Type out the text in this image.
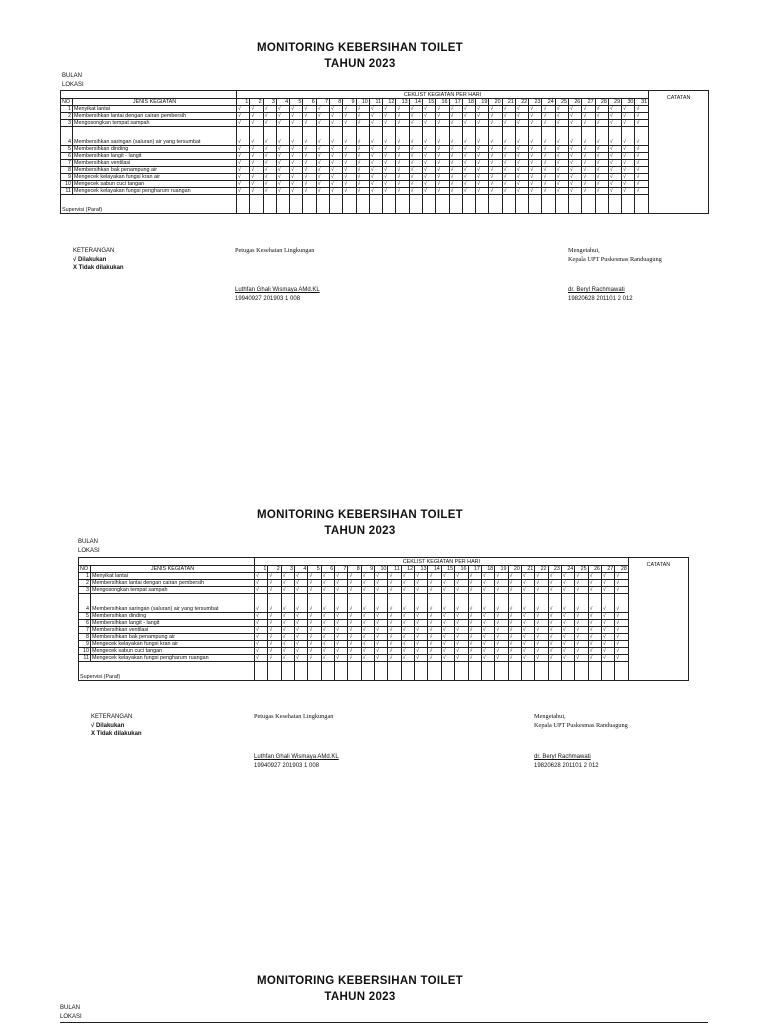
MONITORING KEBERSIHAN TOILET
TAHUN 2023
BULAN
LOKASI
		CEKLIST KEGIATAN PER HARI																															CATATAN
NO	JENIS KEGIATAN	1	2	3	4	5	6	7	8	9	10	11	12	13	14	15	16	17	18	19	20	21	22	23	24	25	26	27	28	29	30	31	
1	Menyikat lantai	√	√	√	√	√	√	√	√	√	√	√	√	√	√	√	√	√	√	√	√	√	√	√	√	√	√	√	√	√	√	√	
2	Membersihkan lantai dengan cairan pembersih	√	√	√	√	√	√	√	√	√	√	√	√	√	√	√	√	√	√	√	√	√	√	√	√	√	√	√	√	√	√	√	
3	Mengosongkan tempat sampah	√	√	√	√	√	√	√	√	√	√	√	√	√	√	√	√	√	√	√	√	√	√	√	√	√	√	√	√	√	√	√	

4	Membersihkan saringan (saluran) air yang tersumbat	√	√	√	√	√	√	√	√	√	√	√	√	√	√	√	√	√	√	√	√	√	√	√	√	√	√	√	√	√	√	√	
5	Membersihkan dinding	√	√	√	√	√	√	√	√	√	√	√	√	√	√	√	√	√	√	√	√	√	√	√	√	√	√	√	√	√	√	√	
6	Membersihkan langit - langit	√	√	√	√	√	√	√	√	√	√	√	√	√	√	√	√	√	√	√	√	√	√	√	√	√	√	√	√	√	√	√	
7	Membersihkan ventilasi	√	√	√	√	√	√	√	√	√	√	√	√	√	√	√	√	√	√	√	√	√	√	√	√	√	√	√	√	√	√	√	
8	Membersihkan bak penampung air	√	√	√	√	√	√	√	√	√	√	√	√	√	√	√	√	√	√	√	√	√	√	√	√	√	√	√	√	√	√	√	
9	Mengecek kelayakan fungsi kran air	√	√	√	√	√	√	√	√	√	√	√	√	√	√	√	√	√	√	√	√	√	√	√	√	√	√	√	√	√	√	√	
10	Mengecek sabun cuci tangan	√	√	√	√	√	√	√	√	√	√	√	√	√	√	√	√	√	√	√	√	√	√	√	√	√	√	√	√	√	√	√	
11	Mengecek kelayakan fungsi pengharum ruangan	√	√	√	√	√	√	√	√	√	√	√	√	√	√	√	√	√	√	√	√	√	√	√	√	√	√	√	√	√	√	√	
Supervisi (Paraf)																																	
KETERANGAN
√ Dilakukan
X Tidak dilakukan
Petugas Kesehatan Lingkungan
Luthfan Ghali Wismaya AMd.KL
19940927 201903 1 008
Mengetahui,
Kepala UPT Puskesmas Randuagung
dr. Beryl Rachmawati
19820628 201101 2 012
MONITORING KEBERSIHAN TOILET
TAHUN 2023
BULAN
LOKASI
		CEKLIST KEGIATAN PER HARI																												CATATAN
NO	JENIS KEGIATAN	1	2	3	4	5	6	7	8	9	10	11	12	13	14	15	16	17	18	19	20	21	22	23	24	25	26	27	28	
1	Menyikat lantai	√	√	√	√	√	√	√	√	√	√	√	√	√	√	√	√	√	√	√	√	√	√	√	√	√	√	√	√	
2	Membersihkan lantai dengan cairan pembersih	√	√	√	√	√	√	√	√	√	√	√	√	√	√	√	√	√	√	√	√	√	√	√	√	√	√	√	√	
3	Mengosongkan tempat sampah	√	√	√	√	√	√	√	√	√	√	√	√	√	√	√	√	√	√	√	√	√	√	√	√	√	√	√	√	

4	Membersihkan saringan (saluran) air yang tersumbat	√	√	√	√	√	√	√	√	√	√	√	√	√	√	√	√	√	√	√	√	√	√	√	√	√	√	√	√	
5	Membersihkan dinding	√	√	√	√	√	√	√	√	√	√	√	√	√	√	√	√	√	√	√	√	√	√	√	√	√	√	√	√	
6	Membersihkan langit - langit	√	√	√	√	√	√	√	√	√	√	√	√	√	√	√	√	√	√	√	√	√	√	√	√	√	√	√	√	
7	Membersihkan ventilasi	√	√	√	√	√	√	√	√	√	√	√	√	√	√	√	√	√	√	√	√	√	√	√	√	√	√	√	√	
8	Membersihkan bak penampung air	√	√	√	√	√	√	√	√	√	√	√	√	√	√	√	√	√	√	√	√	√	√	√	√	√	√	√	√	
9	Mengecek kelayakan fungsi kran air	√	√	√	√	√	√	√	√	√	√	√	√	√	√	√	√	√	√	√	√	√	√	√	√	√	√	√	√	
10	Mengecek sabun cuci tangan	√	√	√	√	√	√	√	√	√	√	√	√	√	√	√	√	√	√	√	√	√	√	√	√	√	√	√	√	
11	Mengecek kelayakan fungsi pengharum ruangan	√	√	√	√	√	√	√	√	√	√	√	√	√	√	√	√	√	√	√	√	√	√	√	√	√	√	√	√	
Supervisi (Paraf)																														
KETERANGAN
√ Dilakukan
X Tidak dilakukan
Petugas Kesehatan Lingkungan
Luthfan Ghali Wismaya AMd.KL
19940927 201903 1 008
Mengetahui,
Kepala UPT Puskesmas Randuagung
dr. Beryl Rachmawati
19820628 201101 2 012
MONITORING KEBERSIHAN TOILET
TAHUN 2023
BULAN
LOKASI
